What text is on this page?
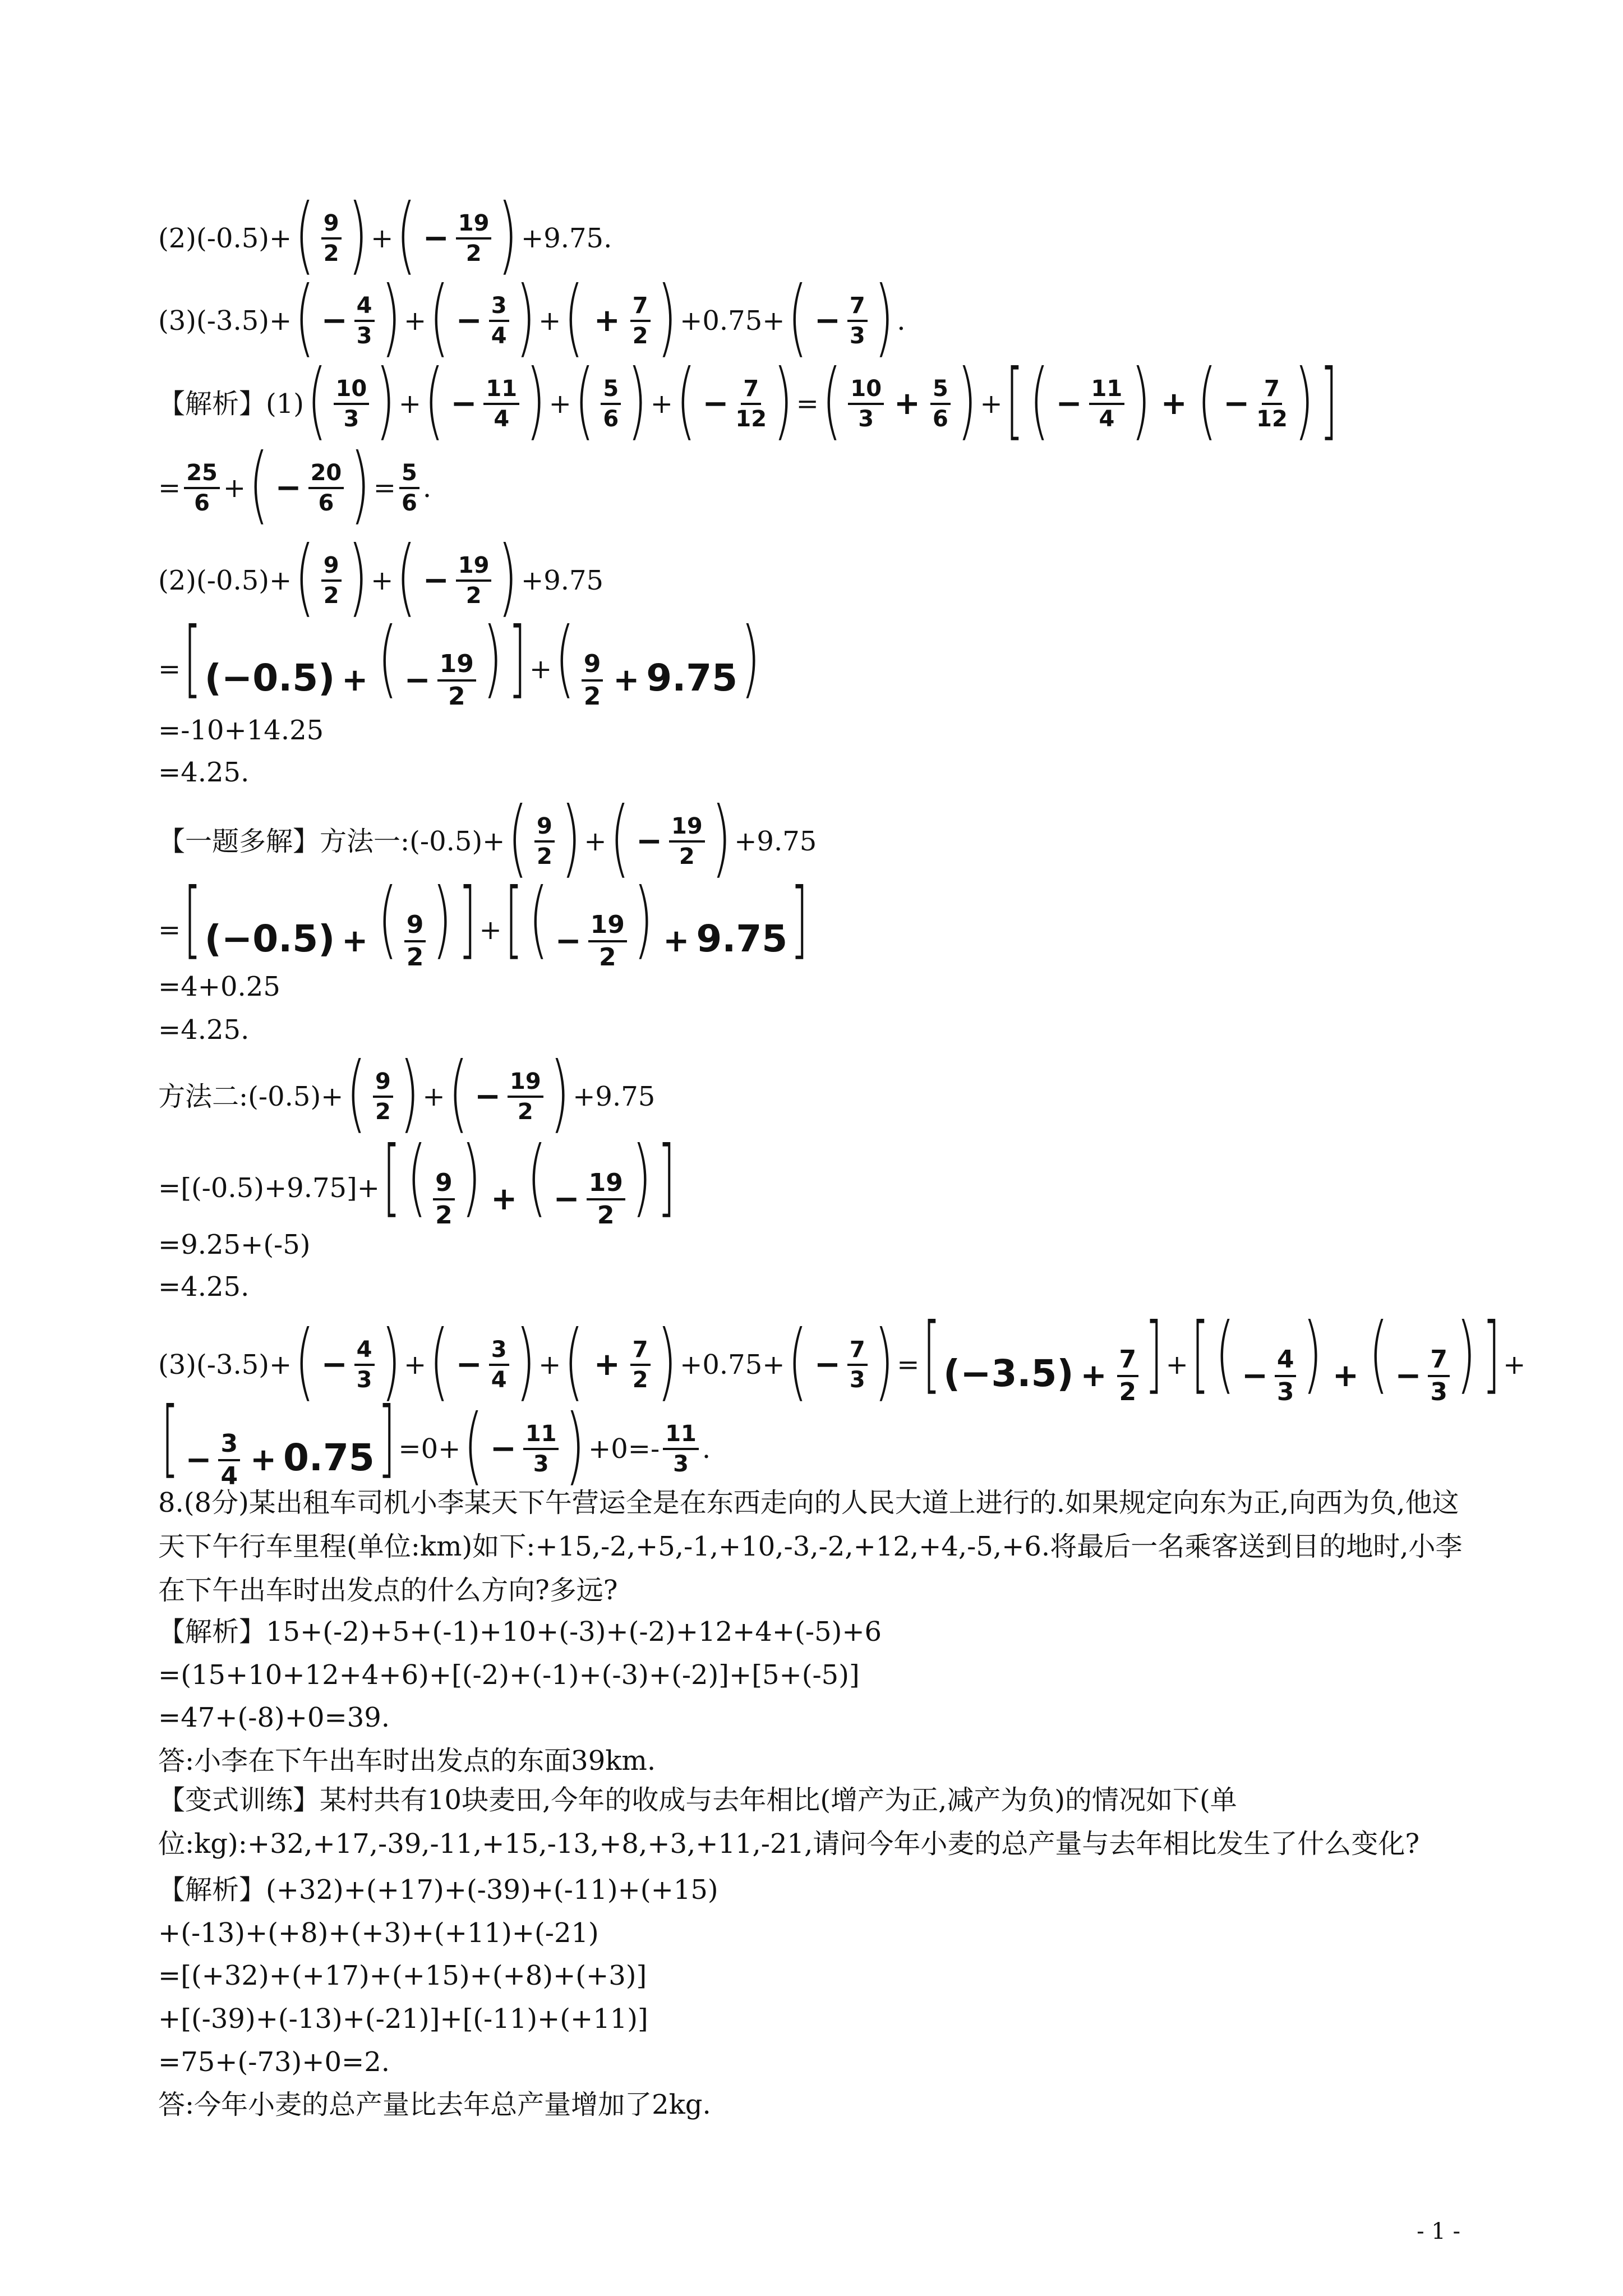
(2)(-0.5)+ ( $\frac{9}{2}$ ) + ( − $\frac{19}{2}$ ) +9.75.
(3)(-3.5)+ ( − $\frac{4}{3}$ ) + ( − $\frac{3}{4}$ ) + ( + $\frac{7}{2}$ ) +0.75+ ( − $\frac{7}{3}$ ) .
【解析】(1) ( $\frac{10}{3}$ ) + ( − $\frac{11}{4}$ ) + ( $\frac{5}{6}$ ) + ( − $\frac{7}{12}$ ) = ( $\frac{10}{3} + \frac{5}{6}$ ) + [ ( − $\frac{11}{4}$ ) + ( − $\frac{7}{12}$ ) ]
= $\frac{25}{6}$ + ( − $\frac{20}{6}$ ) = $\frac{5}{6}$ .
(2)(-0.5)+ ( $\frac{9}{2}$ ) + ( − $\frac{19}{2}$ ) +9.75
= [(−0.5) + ( − $\frac{19}{2}$ )] + ( $\frac{9}{2} + 9.75$)
=-10+14.25
=4.25.
【一题多解】方法一:(-0.5)+ ( $\frac{9}{2}$ ) + ( − $\frac{19}{2}$ ) +9.75
= [(−0.5) + ( $\frac{9}{2}$ )] + [( − $\frac{19}{2}$ ) + 9.75]
=4+0.25
=4.25.
方法二:(-0.5)+ ( $\frac{9}{2}$ ) + ( − $\frac{19}{2}$ ) +9.75
=[(-0.5)+9.75]+ [( $\frac{9}{2}$ ) + ( − $\frac{19}{2}$ )]
=9.25+(-5)
=4.25.
(3)(-3.5)+ ( − $\frac{4}{3}$ ) + ( − $\frac{3}{4}$ ) + ( + $\frac{7}{2}$ ) +0.75+ ( − $\frac{7}{3}$ ) = [$(-3.5) + \frac{7}{2}$ ] + [( − $\frac{4}{3}$ ) + ( − $\frac{7}{3}$ )] +
[ − $\frac{3}{4} + 0.75] =0+$ ( − $\frac{11}{3}$ ) $+0=- \frac{11}{3}$ .
8.(8分)某出租车司机小李某天下午营运全是在东西走向的人民大道上进行的.如果规定向东为正,向西为负,他这天下午行车里程(单位:km)如下:+15,-2,+5,-1,+10,-3,-2,+12,+4,-5,+6.将最后一名乘客送到目的地时,小李在下午出车时出发点的什么方向?多远?
【解析】15+(-2)+5+(-1)+10+(-3)+(-2)+12+4+(-5)+6
=(15+10+12+4+6)+[(-2)+(-1)+(-3)+(-2)]+[5+(-5)]
=47+(-8)+0=39.
答:小李在下午出车时出发点的东面39km.
【变式训练】某村共有10块麦田,今年的收成与去年相比(增产为正,减产为负)的情况如下(单位:kg):+32,+17,-39,-11,+15,-13,+8,+3,+11,-21,请问今年小麦的总产量与去年相比发生了什么变化?
【解析】(+32)+(+17)+(-39)+(-11)+(+15)
+(-13)+(+8)+(+3)+(+11)+(-21)
=[(+32)+(+17)+(+15)+(+8)+(+3)]
+[(-39)+(-13)+(-21)]+[(-11)+(+11)]
=75+(-73)+0=2.
答:今年小麦的总产量比去年总产量增加了2kg.
- 1 -
